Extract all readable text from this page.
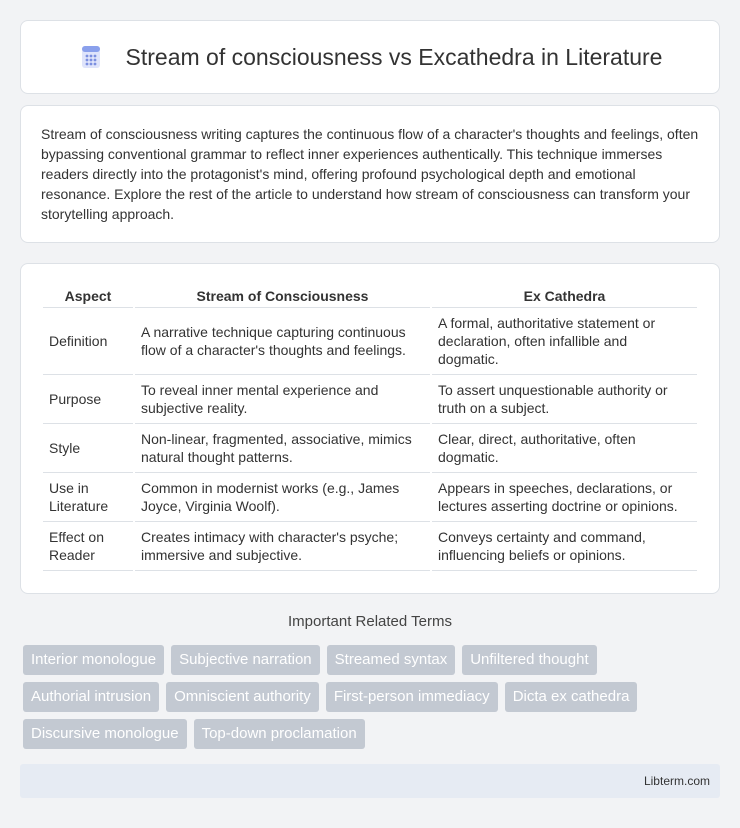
Stream of consciousness vs Excathedra in Literature

Stream of consciousness writing captures the continuous flow of a character's thoughts and feelings, often bypassing conventional grammar to reflect inner experiences authentically. This technique immerses readers directly into the protagonist's mind, offering profound psychological depth and emotional resonance. Explore the rest of the article to understand how stream of consciousness can transform your storytelling approach.

Aspect	Stream of Consciousness	Ex Cathedra
Definition	A narrative technique capturing continuous flow of a character's thoughts and feelings.	A formal, authoritative statement or declaration, often infallible and dogmatic.
Purpose	To reveal inner mental experience and subjective reality.	To assert unquestionable authority or truth on a subject.
Style	Non-linear, fragmented, associative, mimics natural thought patterns.	Clear, direct, authoritative, often dogmatic.
Use in Literature	Common in modernist works (e.g., James Joyce, Virginia Woolf).	Appears in speeches, declarations, or lectures asserting doctrine or opinions.
Effect on Reader	Creates intimacy with character's psyche; immersive and subjective.	Conveys certainty and command, influencing beliefs or opinions.
Important Related Terms
Interior monologue	Subjective narration	Streamed syntax	Unfiltered thought
Authorial intrusion	Omniscient authority	First-person immediacy	Dicta ex cathedra
Discursive monologue	Top-down proclamation
Libterm.com
